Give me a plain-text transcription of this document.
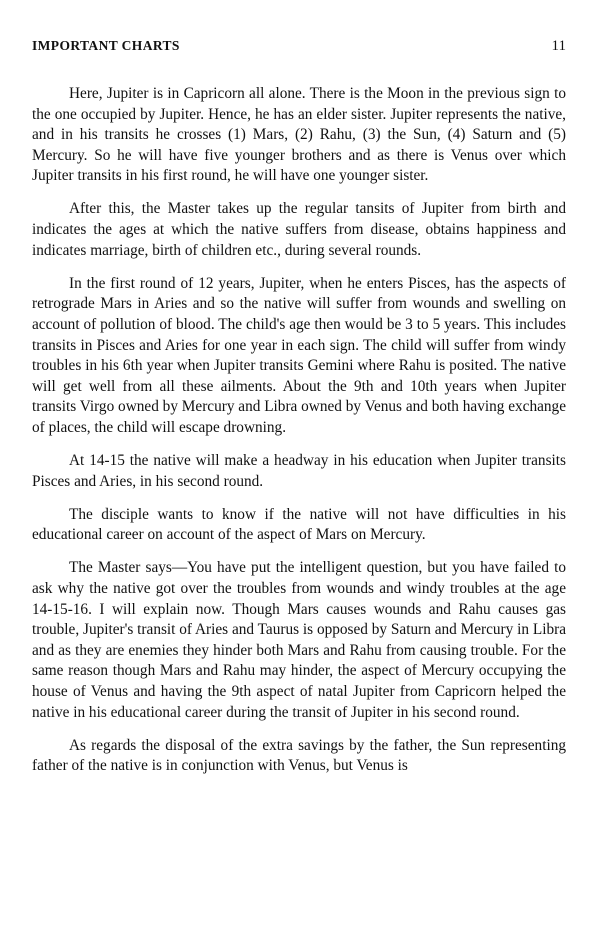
IMPORTANT CHARTS	11

Here, Jupiter is in Capricorn all alone. There is the Moon in the previous sign to the one occupied by Jupiter. Hence, he has an elder sister. Jupiter represents the native, and in his transits he crosses (1) Mars, (2) Rahu, (3) the Sun, (4) Saturn and (5) Mercury. So he will have five younger brothers and as there is Venus over which Jupiter transits in his first round, he will have one younger sister.

After this, the Master takes up the regular tansits of Jupiter from birth and indicates the ages at which the native suffers from disease, obtains happiness and indicates marriage, birth of children etc., during several rounds.

In the first round of 12 years, Jupiter, when he enters Pisces, has the aspects of retrograde Mars in Aries and so the native will suffer from wounds and swelling on account of pollution of blood. The child's age then would be 3 to 5 years. This includes transits in Pisces and Aries for one year in each sign. The child will suffer from windy troubles in his 6th year when Jupiter transits Gemini where Rahu is posited. The native will get well from all these ailments. About the 9th and 10th years when Jupiter transits Virgo owned by Mercury and Libra owned by Venus and both having exchange of places, the child will escape drowning.

At 14-15 the native will make a headway in his education when Jupiter transits Pisces and Aries, in his second round.

The disciple wants to know if the native will not have difficulties in his educational career on account of the aspect of Mars on Mercury.

The Master says—You have put the intelligent question, but you have failed to ask why the native got over the troubles from wounds and windy troubles at the age 14-15-16. I will explain now. Though Mars causes wounds and Rahu causes gas trouble, Jupiter's transit of Aries and Taurus is opposed by Saturn and Mercury in Libra and as they are enemies they hinder both Mars and Rahu from causing trouble. For the same reason though Mars and Rahu may hinder, the aspect of Mercury occupying the house of Venus and having the 9th aspect of natal Jupiter from Capricorn helped the native in his educational career during the transit of Jupiter in his second round.

As regards the disposal of the extra savings by the father, the Sun representing father of the native is in conjunction with Venus, but Venus is
